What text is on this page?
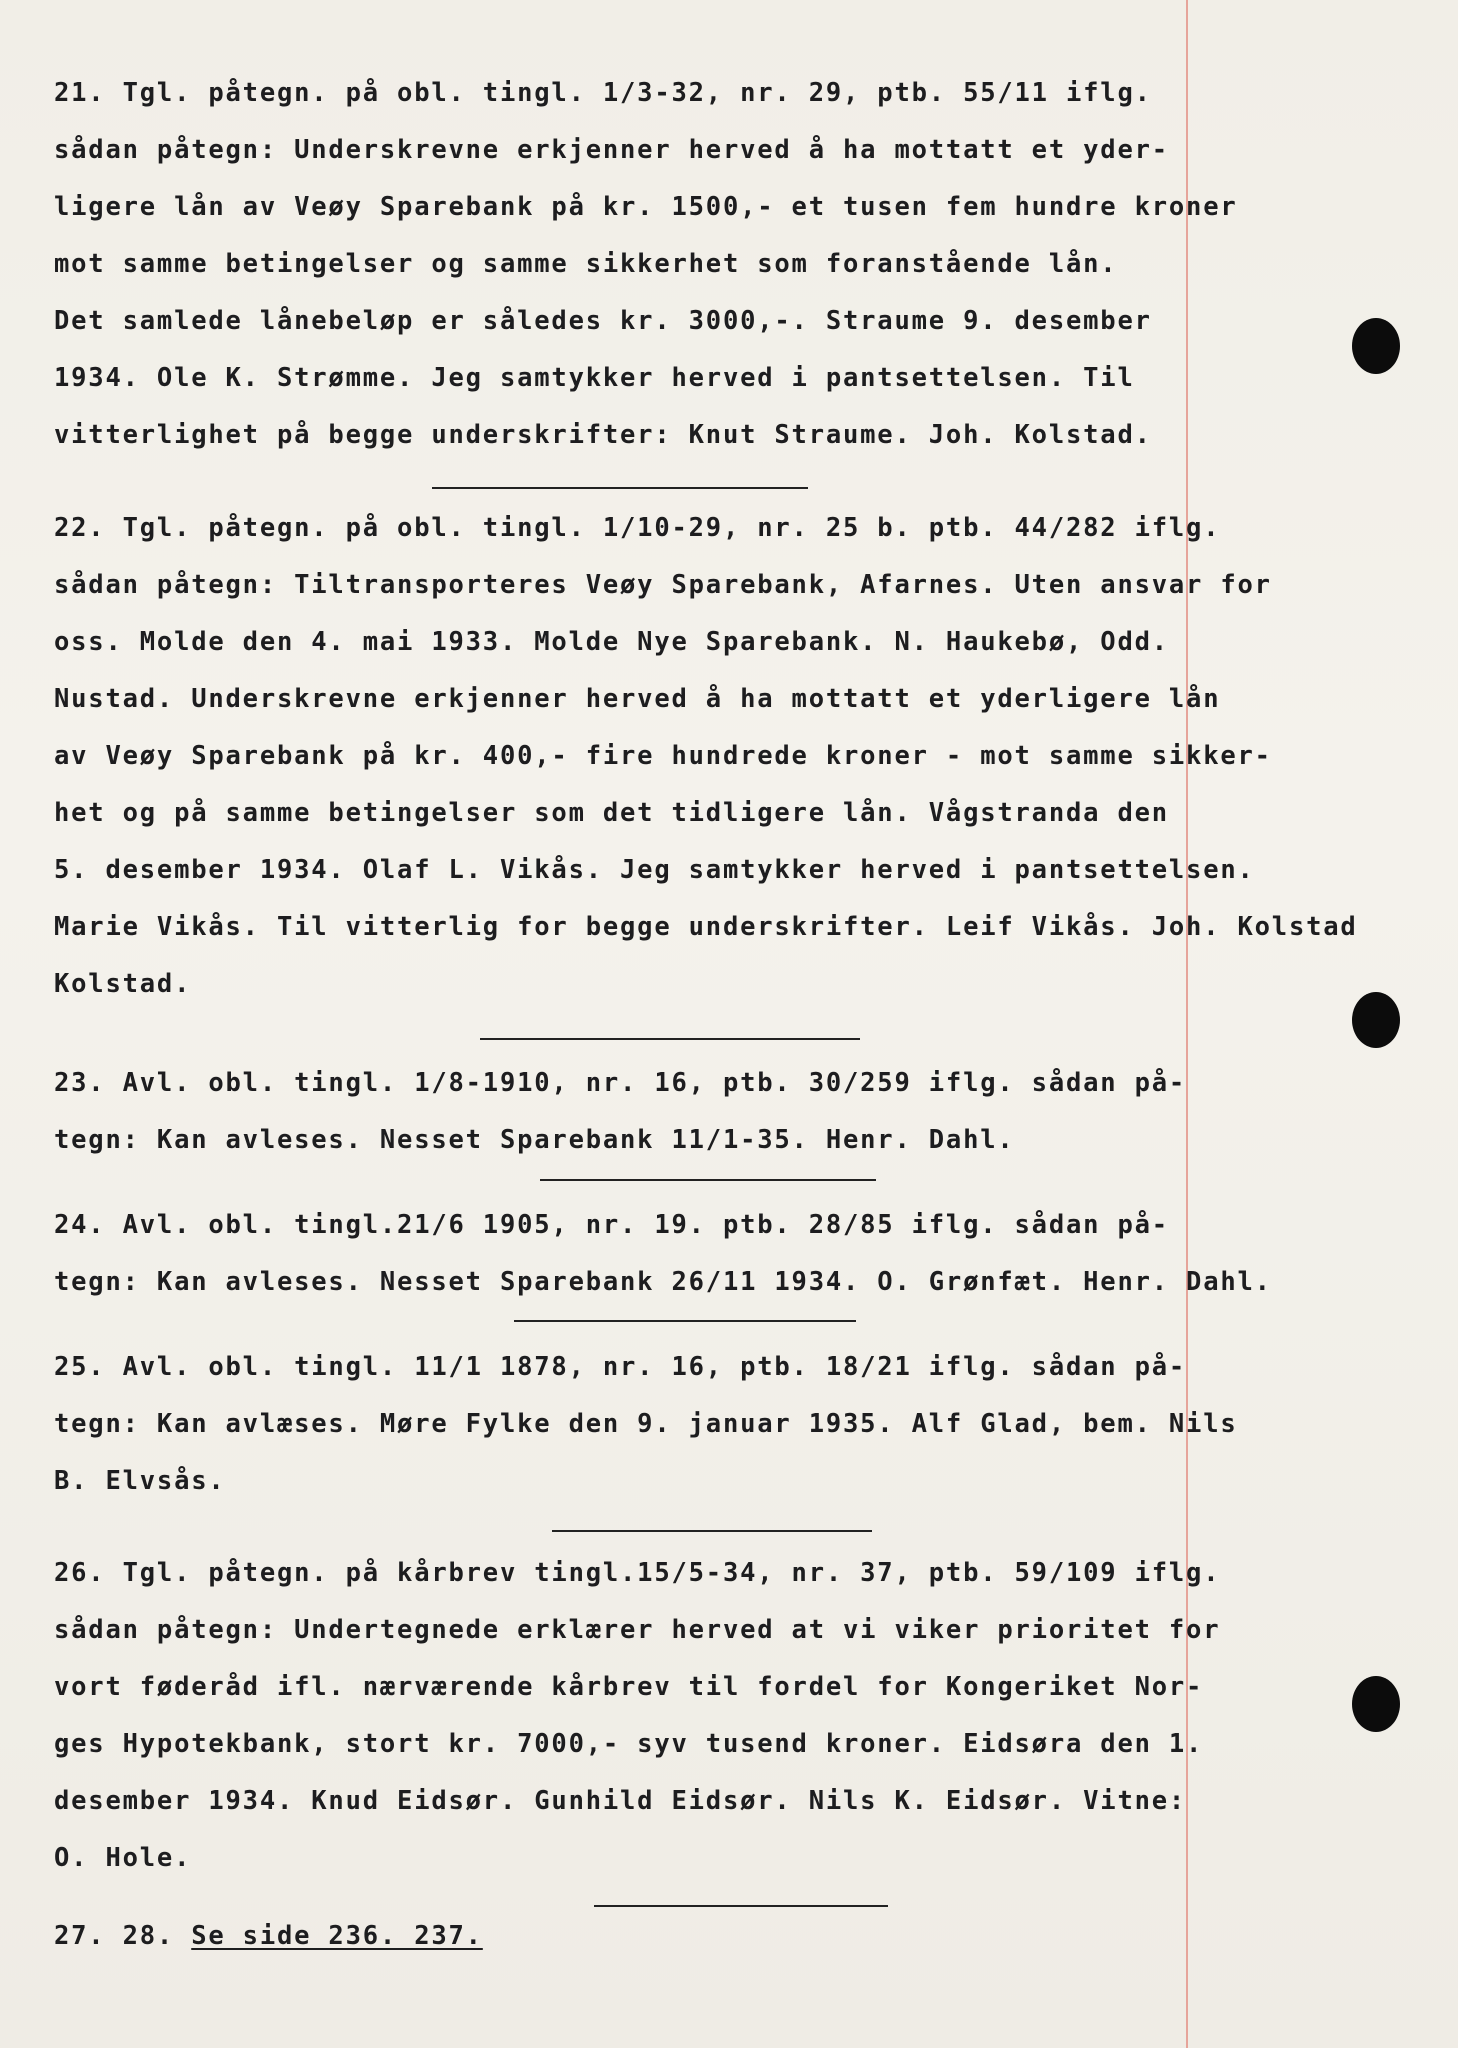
21. Tgl. påtegn. på obl. tingl. 1/3-32, nr. 29, ptb. 55/11 iflg.
sådan påtegn: Underskrevne erkjenner herved å ha mottatt et yder-
ligere lån av Veøy Sparebank på kr. 1500,- et tusen fem hundre kroner
mot samme betingelser og samme sikkerhet som foranstående lån.
Det samlede lånebeløp er således kr. 3000,-. Straume 9. desember
1934. Ole K. Strømme. Jeg samtykker herved i pantsettelsen. Til
vitterlighet på begge underskrifter: Knut Straume. Joh. Kolstad.
22. Tgl. påtegn. på obl. tingl. 1/10-29, nr. 25 b. ptb. 44/282 iflg.
sådan påtegn: Tiltransporteres Veøy Sparebank, Afarnes. Uten ansvar for
oss. Molde den 4. mai 1933. Molde Nye Sparebank. N. Haukebø, Odd.
Nustad. Underskrevne erkjenner herved å ha mottatt et yderligere lån
av Veøy Sparebank på kr. 400,- fire hundrede kroner - mot samme sikker-
het og på samme betingelser som det tidligere lån. Vågstranda den
5. desember 1934. Olaf L. Vikås. Jeg samtykker herved i pantsettelsen.
Marie Vikås. Til vitterlig for begge underskrifter. Leif Vikås. Joh. Kolstad
Kolstad.
23. Avl. obl. tingl. 1/8-1910, nr. 16, ptb. 30/259 iflg. sådan på-
tegn: Kan avleses. Nesset Sparebank 11/1-35. Henr. Dahl.
24. Avl. obl. tingl.21/6 1905, nr. 19. ptb. 28/85 iflg. sådan på-
tegn: Kan avleses. Nesset Sparebank 26/11 1934. O. Grønfæt. Henr. Dahl.
25. Avl. obl. tingl. 11/1 1878, nr. 16, ptb. 18/21 iflg. sådan på-
tegn: Kan avlæses. Møre Fylke den 9. januar 1935. Alf Glad, bem. Nils
B. Elvsås.
26. Tgl. påtegn. på kårbrev tingl.15/5-34, nr. 37, ptb. 59/109 iflg.
sådan påtegn: Undertegnede erklærer herved at vi viker prioritet for
vort føderåd ifl. nærværende kårbrev til fordel for Kongeriket Nor-
ges Hypotekbank, stort kr. 7000,- syv tusend kroner. Eidsøra den 1.
desember 1934. Knud Eidsør. Gunhild Eidsør. Nils K. Eidsør. Vitne:
O. Hole.
27. 28. Se side 236. 237.
